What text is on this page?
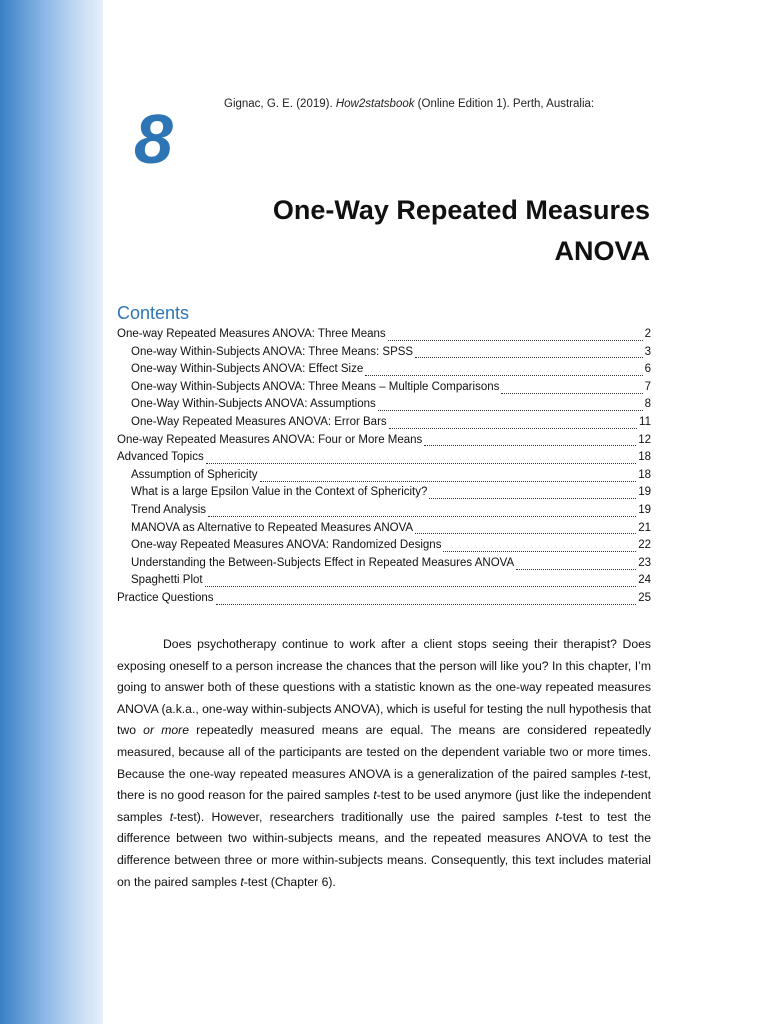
Gignac, G. E. (2019). How2statsbook (Online Edition 1). Perth, Australia:
8
One-Way Repeated Measures
ANOVA
Contents
One-way Repeated Measures ANOVA: Three Means	2
One-way Within-Subjects ANOVA: Three Means: SPSS	3
One-way Within-Subjects ANOVA: Effect Size	6
One-way Within-Subjects ANOVA: Three Means – Multiple Comparisons	7
One-Way Within-Subjects ANOVA: Assumptions	8
One-Way Repeated Measures ANOVA: Error Bars	11
One-way Repeated Measures ANOVA: Four or More Means	12
Advanced Topics	18
Assumption of Sphericity	18
What is a large Epsilon Value in the Context of Sphericity?	19
Trend Analysis	19
MANOVA as Alternative to Repeated Measures ANOVA	21
One-way Repeated Measures ANOVA: Randomized Designs	22
Understanding the Between-Subjects Effect in Repeated Measures ANOVA	23
Spaghetti Plot	24
Practice Questions	25

Does psychotherapy continue to work after a client stops seeing their therapist? Does exposing oneself to a person increase the chances that the person will like you? In this chapter, I’m going to answer both of these questions with a statistic known as the one-way repeated measures ANOVA (a.k.a., one-way within-subjects ANOVA), which is useful for testing the null hypothesis that two or more repeatedly measured means are equal. The means are considered repeatedly measured, because all of the participants are tested on the dependent variable two or more times. Because the one-way repeated measures ANOVA is a generalization of the paired samples t-test, there is no good reason for the paired samples t-test to be used anymore (just like the independent samples t-test). However, researchers traditionally use the paired samples t-test to test the difference between two within-subjects means, and the repeated measures ANOVA to test the difference between three or more within-subjects means. Consequently, this text includes material on the paired samples t-test (Chapter 6).
